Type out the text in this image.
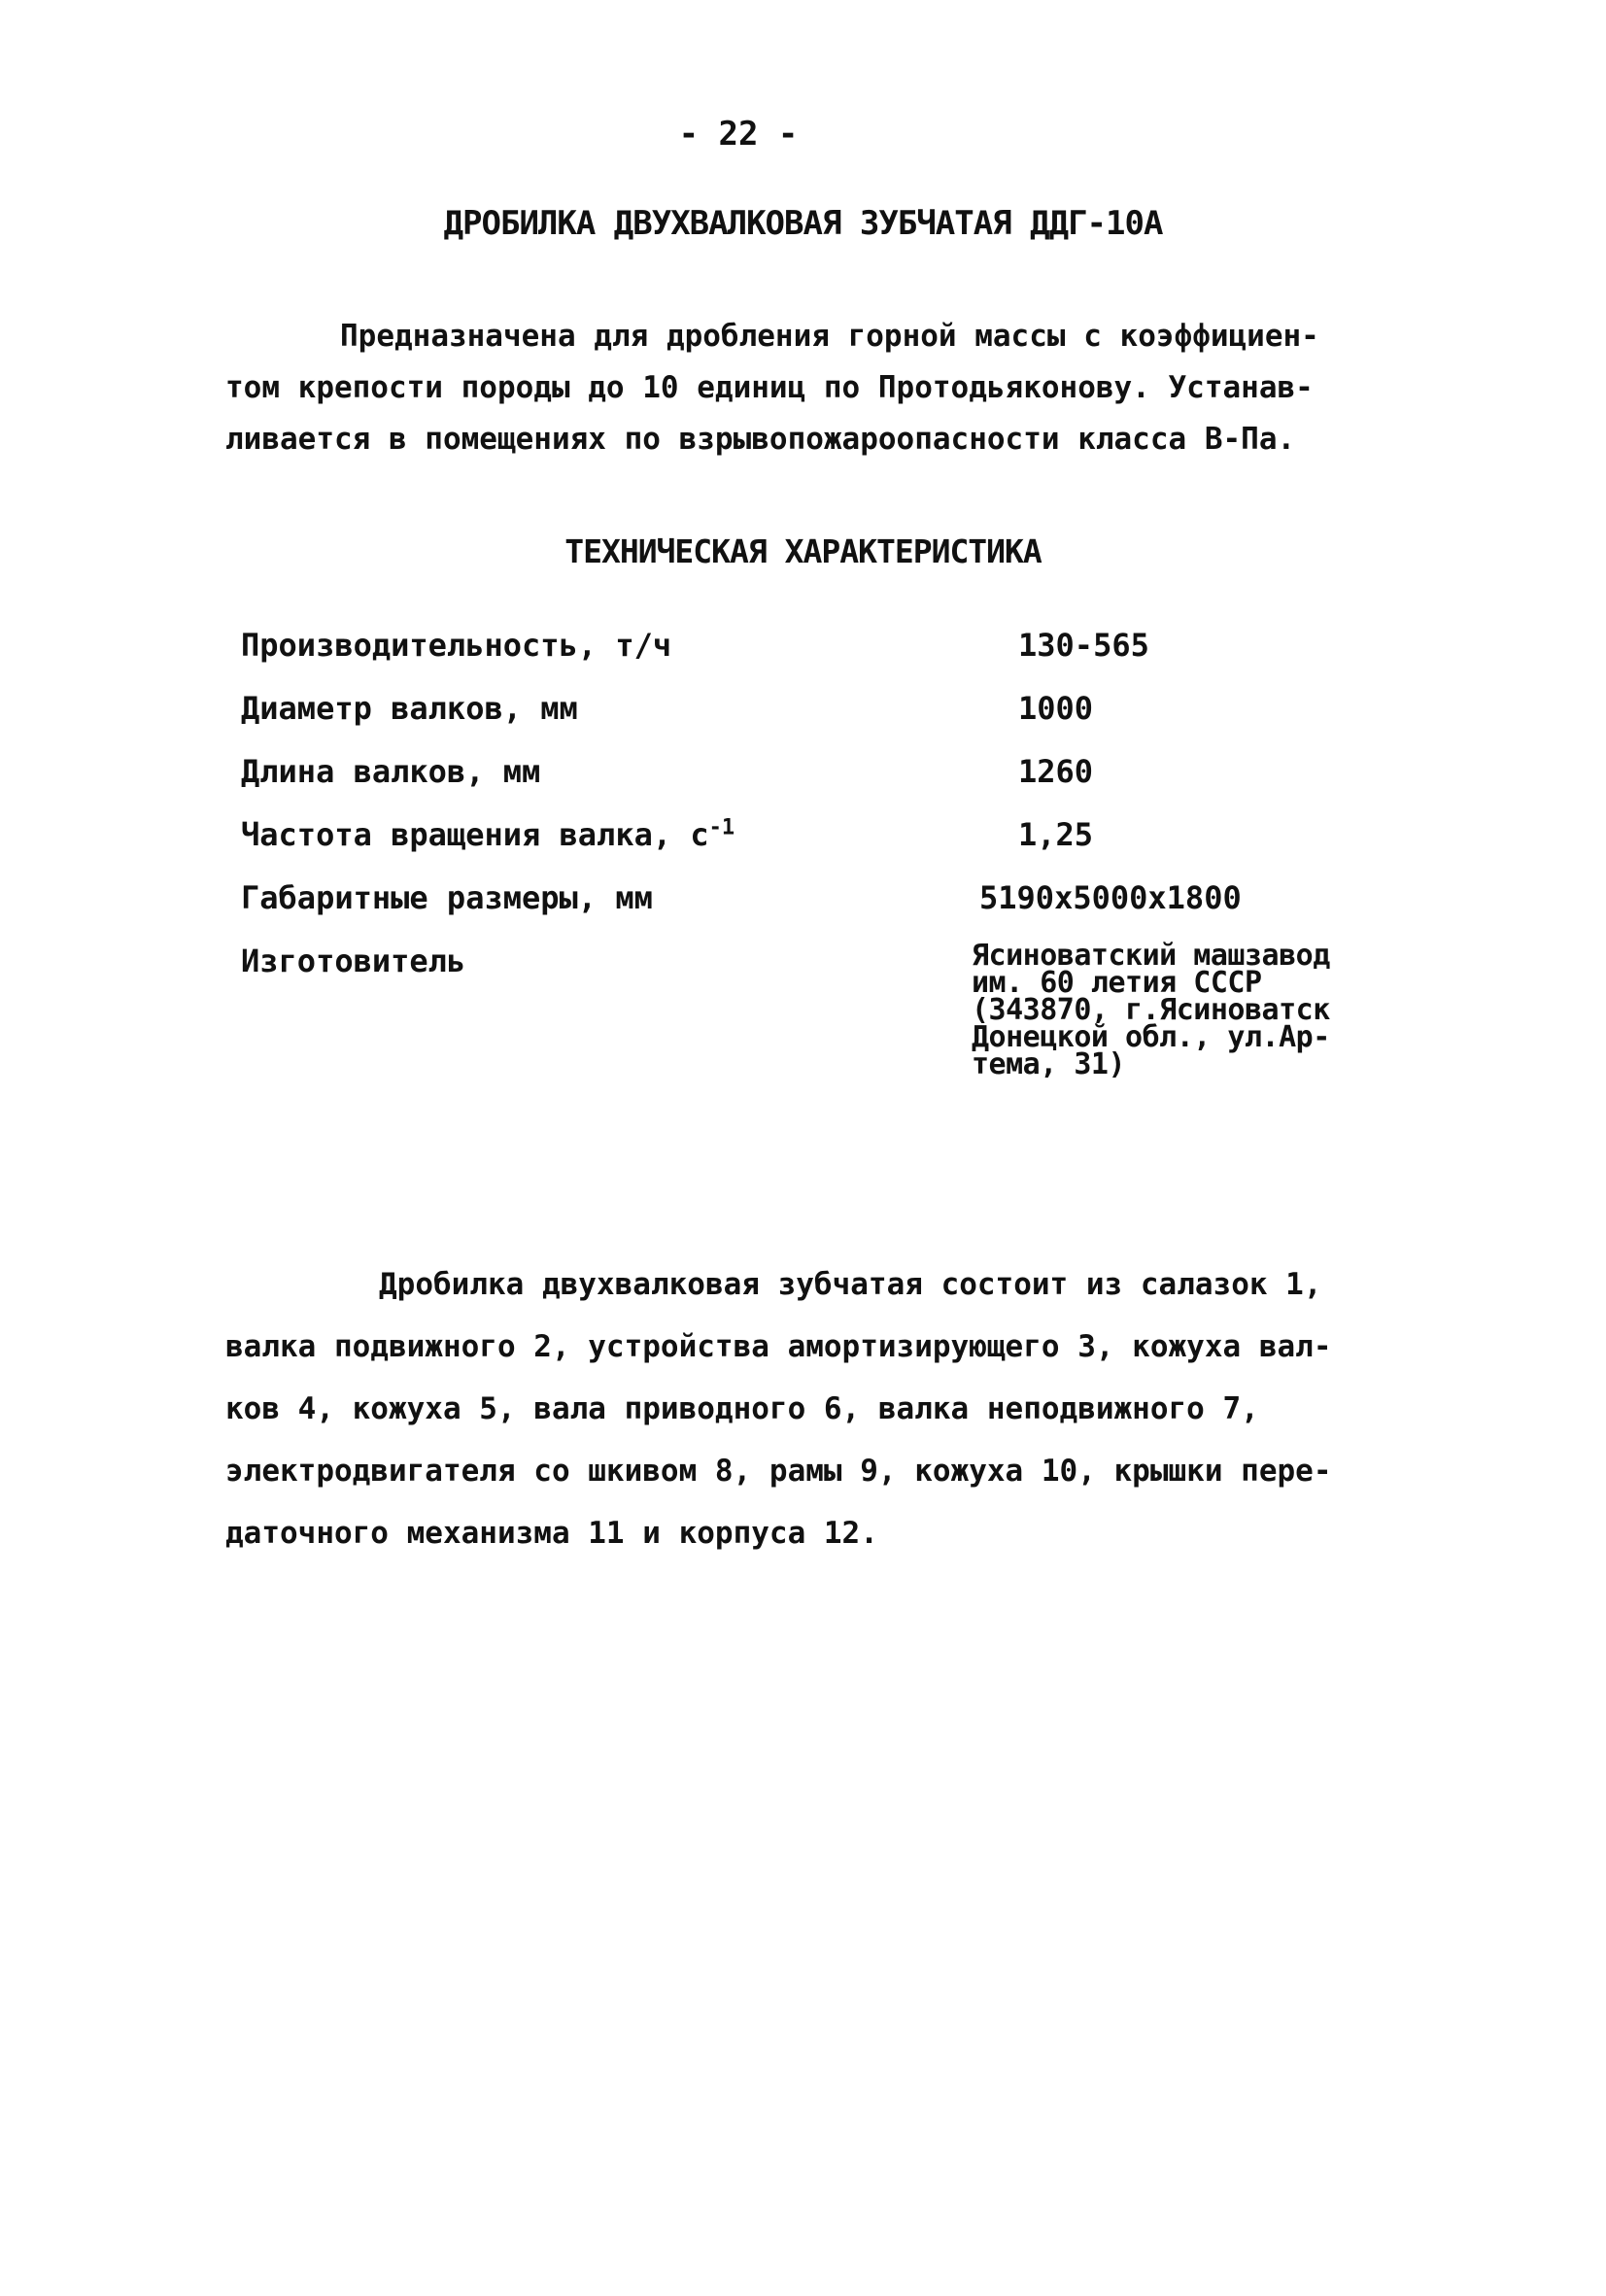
- 22 -
ДРОБИЛКА ДВУХВАЛКОВАЯ ЗУБЧАТАЯ ДДГ-10А
Предназначена для дробления горной массы с коэффициен-
том крепости породы до 10 единиц по Протодьяконову. Устанав-
ливается в помещениях по взрывопожароопасности класса В-Па.
ТЕХНИЧЕСКАЯ ХАРАКТЕРИСТИКА
Производительность, т/ч	130-565
Диаметр валков, мм	1000
Длина валков, мм	1260
Частота вращения валка, $с^{-1}$	1,25
Габаритные размеры, мм	5190х5000х1800
Изготовитель	Ясиноватский машзавод
им. 60 летия СССР
(343870, г.Ясиноватск
Донецкой обл., ул.Ар-
тема, 31)
Дробилка двухвалковая зубчатая состоит из салазок 1,
валка подвижного 2, устройства амортизирующего 3, кожуха вал-
ков 4, кожуха 5, вала приводного 6, валка неподвижного 7,
электродвигателя со шкивом 8, рамы 9, кожуха 10, крышки пере-
даточного механизма 11 и корпуса 12.
